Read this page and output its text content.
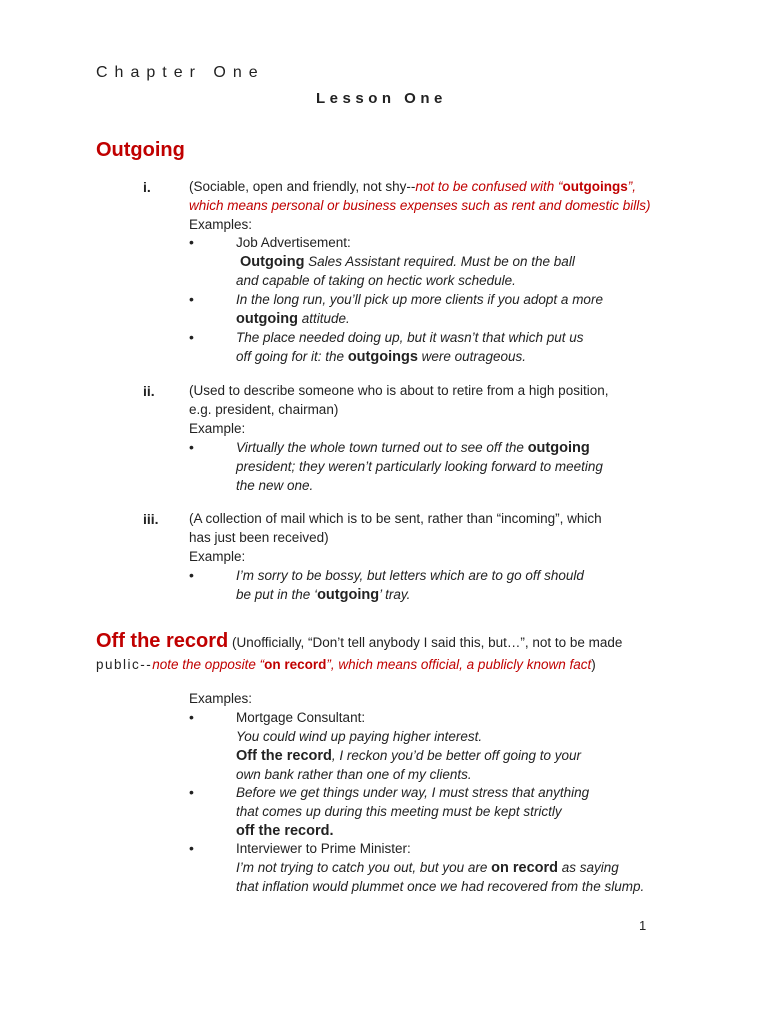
Chapter One
Lesson One
Outgoing
i.	(Sociable, open and friendly, not shy--not to be confused with “outgoings”,
which means personal or business expenses such as rent and domestic bills)
Examples:
•	Job Advertisement:
Outgoing Sales Assistant required. Must be on the ball
and capable of taking on hectic work schedule.
•	In the long run, you’ll pick up more clients if you adopt a more
outgoing attitude.
•	The place needed doing up, but it wasn’t that which put us
off going for it: the outgoings were outrageous.
ii.	(Used to describe someone who is about to retire from a high position,
e.g. president, chairman)
Example:
•	Virtually the whole town turned out to see off the outgoing
president; they weren’t particularly looking forward to meeting
the new one.
iii. (A collection of mail which is to be sent, rather than “incoming”, which
has just been received)
Example:
•	I’m sorry to be bossy, but letters which are to go off should
be put in the ‘outgoing’ tray.
Off the record (Unofficially, “Don’t tell anybody I said this, but…”, not to be made
public--note the opposite “on record”, which means official, a publicly known fact)
Examples:
•	Mortgage Consultant:
You could wind up paying higher interest.
Off the record, I reckon you’d be better off going to your
own bank rather than one of my clients.
•	Before we get things under way, I must stress that anything
that comes up during this meeting must be kept strictly
off the record.
•	Interviewer to Prime Minister:
I’m not trying to catch you out, but you are on record as saying
that inflation would plummet once we had recovered from the slump.
1
